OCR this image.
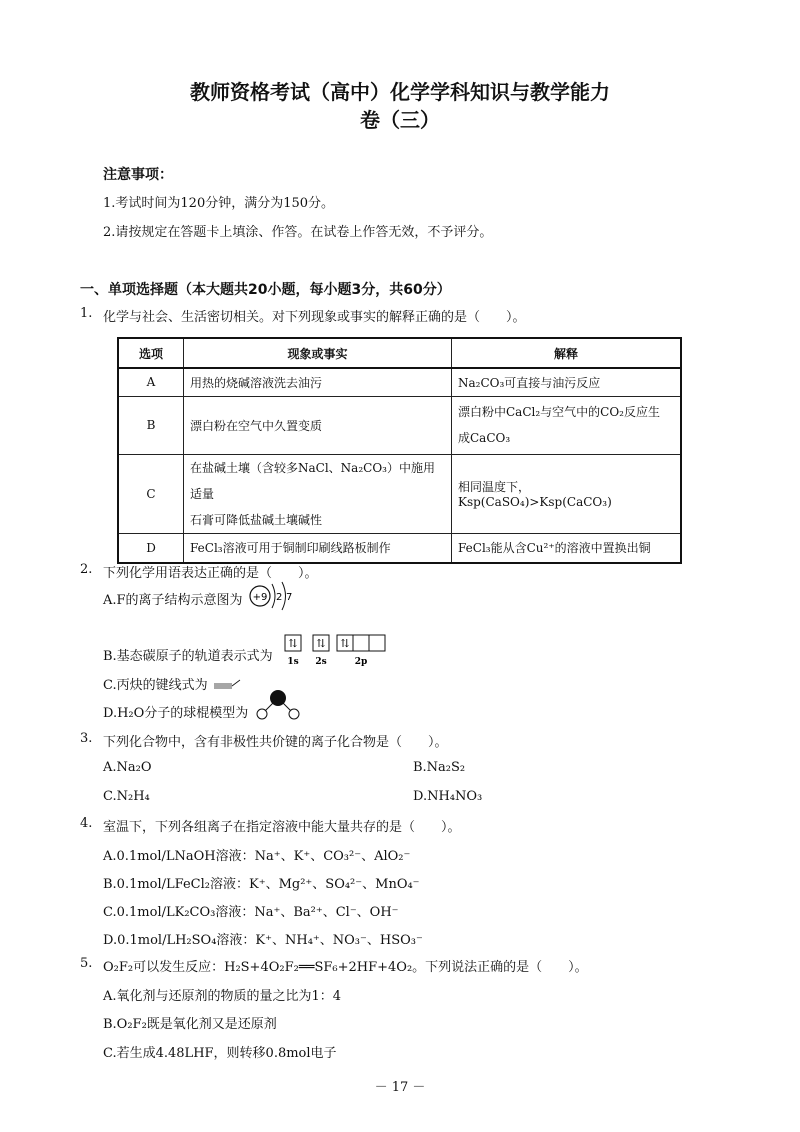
教师资格考试（高中）化学学科知识与教学能力
卷（三）
注意事项：
1.考试时间为120分钟，满分为150分。
2.请按规定在答题卡上填涂、作答。在试卷上作答无效，不予评分。
一、单项选择题（本大题共20小题，每小题3分，共60分）
1. 化学与社会、生活密切相关。对下列现象或事实的解释正确的是（　　）。
选项	现象或事实	解释
A	用热的烧碱溶液洗去油污	Na₂CO₃可直接与油污反应
B	漂白粉在空气中久置变质	漂白粉中CaCl₂与空气中的CO₂反应生
成CaCO₃

C	在盐碱土壤（含较多NaCl、Na₂CO₃）中施用适量
石膏可降低盐碱土壤碱性	相同温度下，Ksp(CaSO₄)>Ksp(CaCO₃)
D	FeCl₃溶液可用于铜制印刷线路板制作	FeCl₃能从含Cu²⁺的溶液中置换出铜
2. 下列化学用语表达正确的是（　　）。
A.F的离子结构示意图为 +9 2 7
B.基态碳原子的轨道表示式为
⇅ ⇅ ⇅
1s 2s	2p
C.丙炔的键线式为
D.H₂O分子的球棍模型为
3. 下列化合物中，含有非极性共价键的离子化合物是（　　）。
A.Na₂O	B.Na₂S₂
C.N₂H₄	D.NH₄NO₃
4. 室温下，下列各组离子在指定溶液中能大量共存的是（　　）。
A.0.1mol/LNaOH溶液：Na⁺、K⁺、CO₃²⁻、AlO₂⁻
B.0.1mol/LFeCl₂溶液：K⁺、Mg²⁺、SO₄²⁻、MnO₄⁻
C.0.1mol/LK₂CO₃溶液：Na⁺、Ba²⁺、Cl⁻、OH⁻
D.0.1mol/LH₂SO₄溶液：K⁺、NH₄⁺、NO₃⁻、HSO₃⁻
5. O₂F₂可以发生反应：H₂S+4O₂F₂══SF₆+2HF+4O₂。下列说法正确的是（　　）。
A.氧化剂与还原剂的物质的量之比为1：4
B.O₂F₂既是氧化剂又是还原剂
C.若生成4.48LHF，则转移0.8mol电子
－ 17 －
